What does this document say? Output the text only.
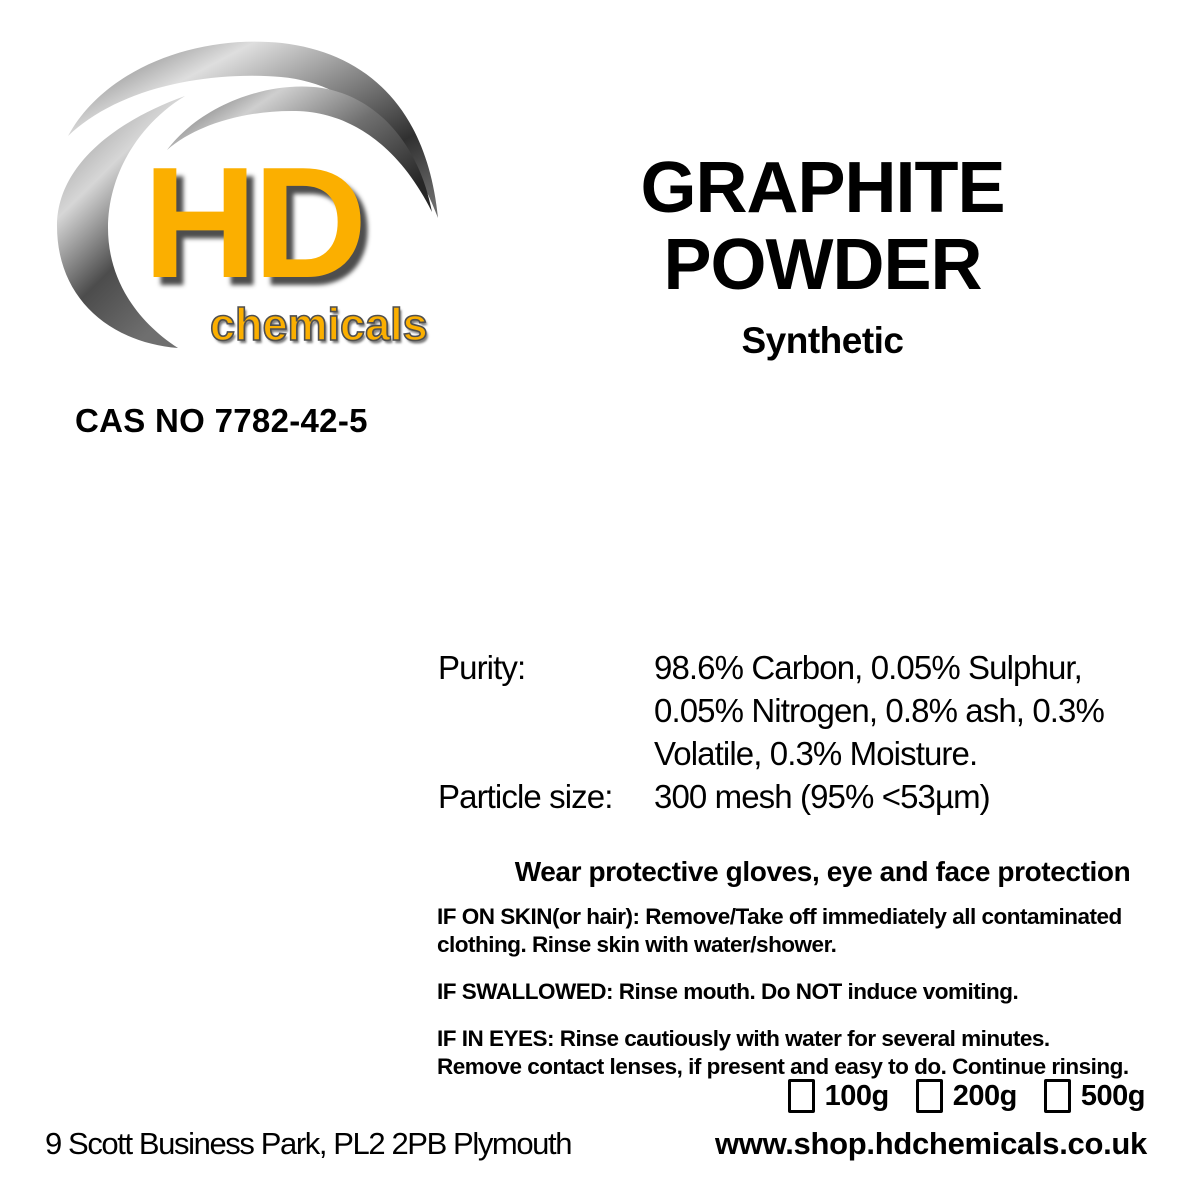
HD
chemicals
CAS NO 7782-42-5
GRAPHITE
POWDER
Synthetic
Purity:	98.6% Carbon, 0.05% Sulphur,
0.05% Nitrogen, 0.8% ash, 0.3%
Volatile, 0.3% Moisture.
Particle size:	300 mesh (95% <53µm)
Wear protective gloves, eye and face protection
IF ON SKIN(or hair): Remove/Take off immediately all contaminated
clothing. Rinse skin with water/shower.
IF SWALLOWED: Rinse mouth. Do NOT induce vomiting.
IF IN EYES: Rinse cautiously with water for several minutes.
Remove contact lenses, if present and easy to do. Continue rinsing.
100g 200g 500g
9 Scott Business Park, PL2 2PB Plymouth	www.shop.hdchemicals.co.uk
